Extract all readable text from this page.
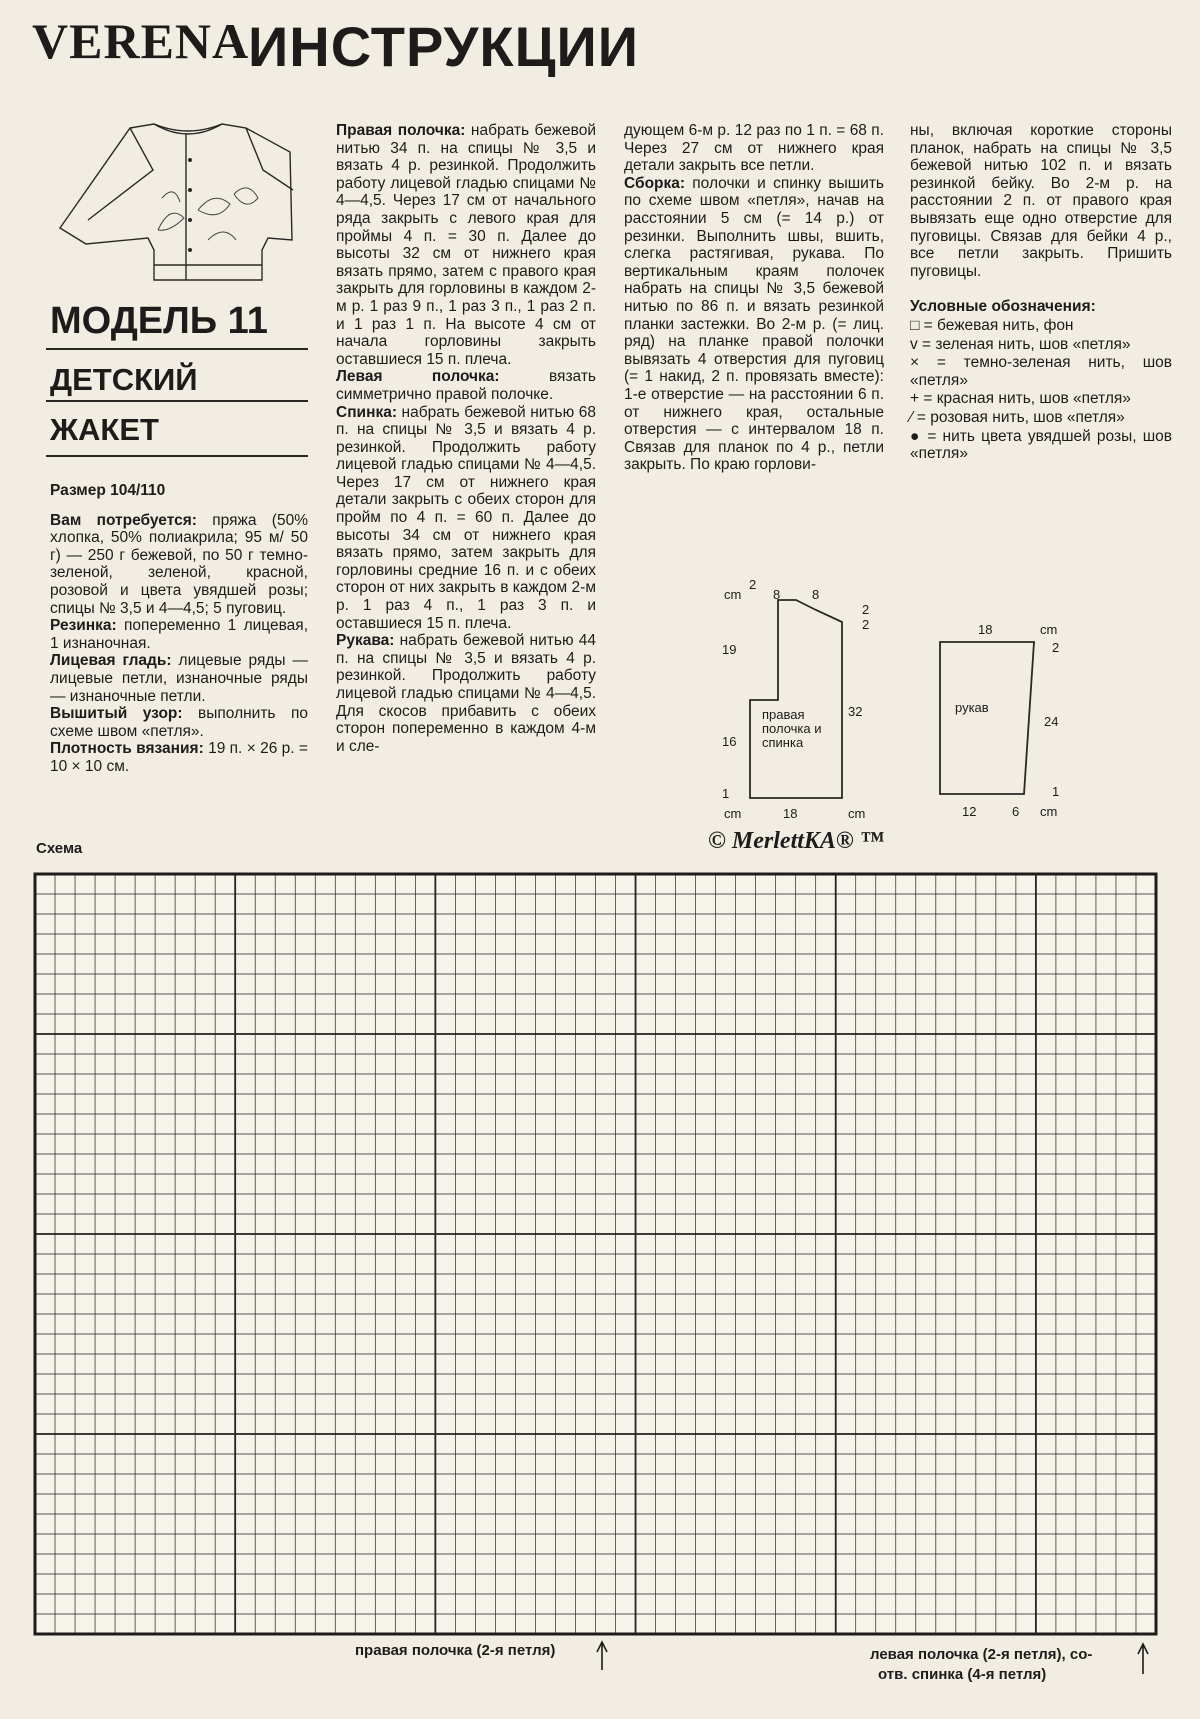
VERENA
ИНСТРУКЦИИ
МОДЕЛЬ 11
ДЕТСКИЙ
ЖАКЕТ

Размер 104/110

Вам потребуется: пряжа (50% хлопка, 50% полиакрила; 95 м/ 50 г) — 250 г бежевой, по 50 г темно-зеленой, зеленой, красной, розовой и цвета увядшей розы; спицы № 3,5 и 4—4,5; 5 пуговиц.

Резинка: попеременно 1 лицевая, 1 изнаночная.

Лицевая гладь: лицевые ряды — лицевые петли, изнаночные ряды — изнаночные петли.

Вышитый узор: выполнить по схеме швом «петля».

Плотность вязания: 19 п. × 26 р. = 10 × 10 см.

Правая полочка: набрать бежевой нитью 34 п. на спицы № 3,5 и вязать 4 р. резинкой. Продолжить работу лицевой гладью спицами № 4—4,5. Через 17 см от начального ряда закрыть с левого края для проймы 4 п. = 30 п. Далее до высоты 32 см от нижнего края вязать прямо, затем с правого края закрыть для горловины в каждом 2-м р. 1 раз 9 п., 1 раз 3 п., 1 раз 2 п. и 1 раз 1 п. На высоте 4 см от начала горловины закрыть оставшиеся 15 п. плеча.

Левая полочка: вязать симметрично правой полочке.

Спинка: набрать бежевой нитью 68 п. на спицы № 3,5 и вязать 4 р. резинкой. Продолжить работу лицевой гладью спицами № 4—4,5. Через 17 см от нижнего края детали закрыть с обеих сторон для пройм по 4 п. = 60 п. Далее до высоты 34 см от нижнего края вязать прямо, затем закрыть для горловины средние 16 п. и с обеих сторон от них закрыть в каждом 2-м р. 1 раз 4 п., 1 раз 3 п. и оставшиеся 15 п. плеча.

Рукава: набрать бежевой нитью 44 п. на спицы № 3,5 и вязать 4 р. резинкой. Продолжить работу лицевой гладью спицами № 4—4,5. Для скосов прибавить с обеих сторон попеременно в каждом 4-м и сле-

дующем 6-м р. 12 раз по 1 п. = 68 п. Через 27 см от нижнего края детали закрыть все петли.

Сборка: полочки и спинку вышить по схеме швом «петля», начав на расстоянии 5 см (= 14 р.) от резинки. Выполнить швы, вшить, слегка растягивая, рукава. По вертикальным краям полочек набрать на спицы № 3,5 бежевой нитью по 86 п. и вязать резинкой планки застежки. Во 2-м р. (= лиц. ряд) на планке правой полочки вывязать 4 отверстия для пуговиц (= 1 накид, 2 п. провязать вместе): 1-е отверстие — на расстоянии 6 п. от нижнего края, остальные отверстия — с интервалом 18 п. Связав для планок по 4 р., петли закрыть. По краю горлови-

ны, включая короткие стороны планок, набрать на спицы № 3,5 бежевой нитью 102 п. и вязать резинкой бейку. Во 2-м р. на расстоянии 2 п. от правого края вывязать еще одно отверстие для пуговицы. Связав для бейки 4 р., все петли закрыть. Пришить пуговицы.

Условные обозначения:

□ = бежевая нить, фон

v = зеленая нить, шов «петля»

× = темно-зеленая нить, шов «петля»

+ = красная нить, шов «петля»

⁄ = розовая нить, шов «петля»

● = нить цвета увядшей розы, шов «петля»

cm
2
8 8
2
2
19
16
1
32
правая полочка и спинка
cm	18	cm
18	cm
2
24
1
рукав
12	6 cm
Схема	© MerlettKA® ™
правая полочка (2-я петля)	левая полочка (2-я петля), со-
отв. спинка (4-я петля)
